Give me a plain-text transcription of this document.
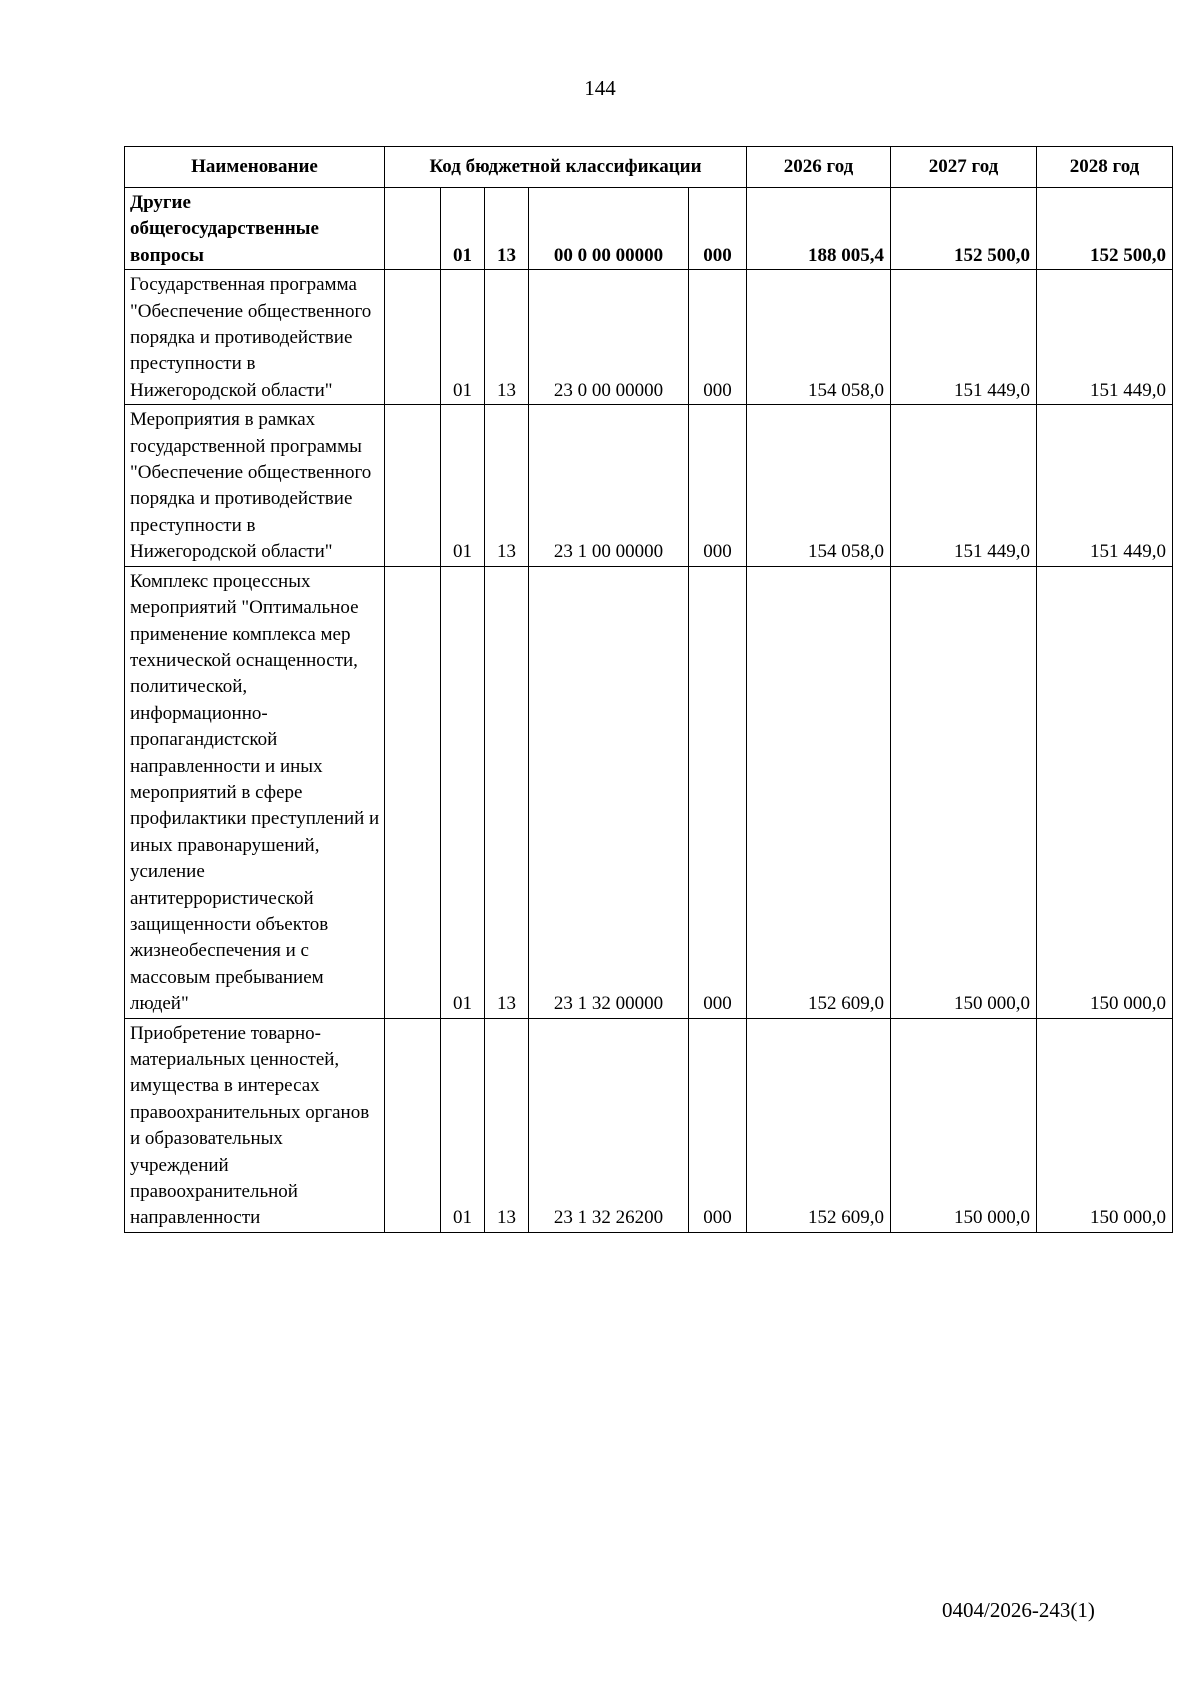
144
Наименование	Код бюджетной классификации					2026 год	2027 год	2028 год
Другие общегосударственные вопросы		01	13	00 0 00 00000	000	188 005,4	152 500,0	152 500,0
Государственная программа "Обеспечение общественного порядка и противодействие преступности в Нижегородской области"		01	13	23 0 00 00000	000	154 058,0	151 449,0	151 449,0
Мероприятия в рамках государственной программы "Обеспечение общественного порядка и противодействие преступности в Нижегородской области"		01	13	23 1 00 00000	000	154 058,0	151 449,0	151 449,0
Комплекс процессных мероприятий "Оптимальное применение комплекса мер технической оснащенности, политической, информационно-пропагандистской направленности и иных мероприятий в сфере профилактики преступлений и иных правонарушений, усиление антитеррористической защищенности объектов жизнеобеспечения и с массовым пребыванием людей"		01	13	23 1 32 00000	000	152 609,0	150 000,0	150 000,0
Приобретение товарно-материальных ценностей, имущества в интересах правоохранительных органов и образовательных учреждений правоохранительной направленности		01	13	23 1 32 26200	000	152 609,0	150 000,0	150 000,0
0404/2026-243(1)
